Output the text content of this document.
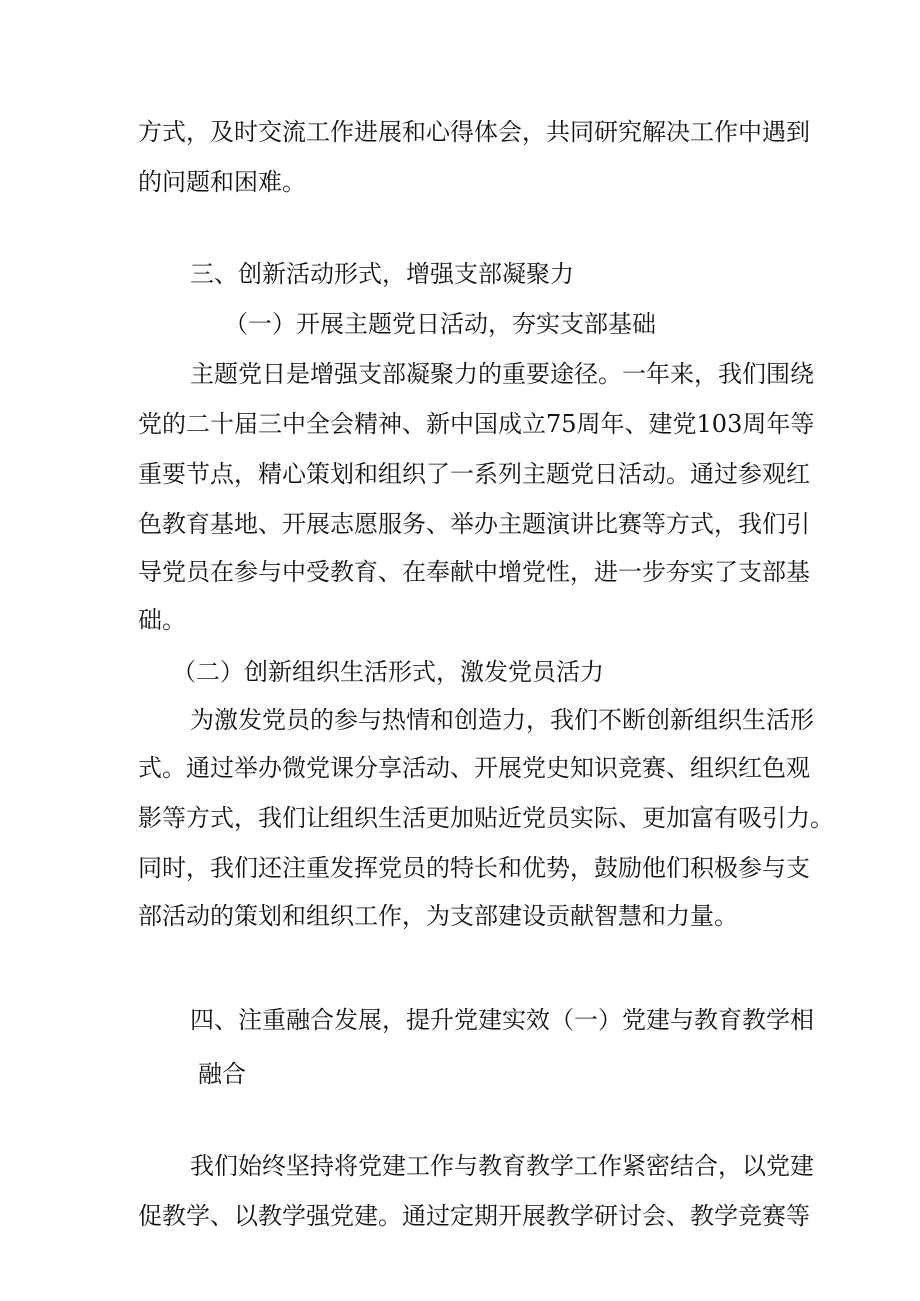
方式，及时交流工作进展和心得体会，共同研究解决工作中遇到
的问题和困难。
三、创新活动形式，增强支部凝聚力
（一）开展主题党日活动，夯实支部基础
主题党日是增强支部凝聚力的重要途径。一年来，我们围绕
党的二十届三中全会精神、新中国成立75周年、建党103周年等
重要节点，精心策划和组织了一系列主题党日活动。通过参观红
色教育基地、开展志愿服务、举办主题演讲比赛等方式，我们引
导党员在参与中受教育、在奉献中增党性，进一步夯实了支部基
础。
（二）创新组织生活形式，激发党员活力
为激发党员的参与热情和创造力，我们不断创新组织生活形
式。通过举办微党课分享活动、开展党史知识竞赛、组织红色观
影等方式，我们让组织生活更加贴近党员实际、更加富有吸引力。
同时，我们还注重发挥党员的特长和优势，鼓励他们积极参与支
部活动的策划和组织工作，为支部建设贡献智慧和力量。
四、注重融合发展，提升党建实效（一）党建与教育教学相
融合
我们始终坚持将党建工作与教育教学工作紧密结合，以党建
促教学、以教学强党建。通过定期开展教学研讨会、教学竞赛等
